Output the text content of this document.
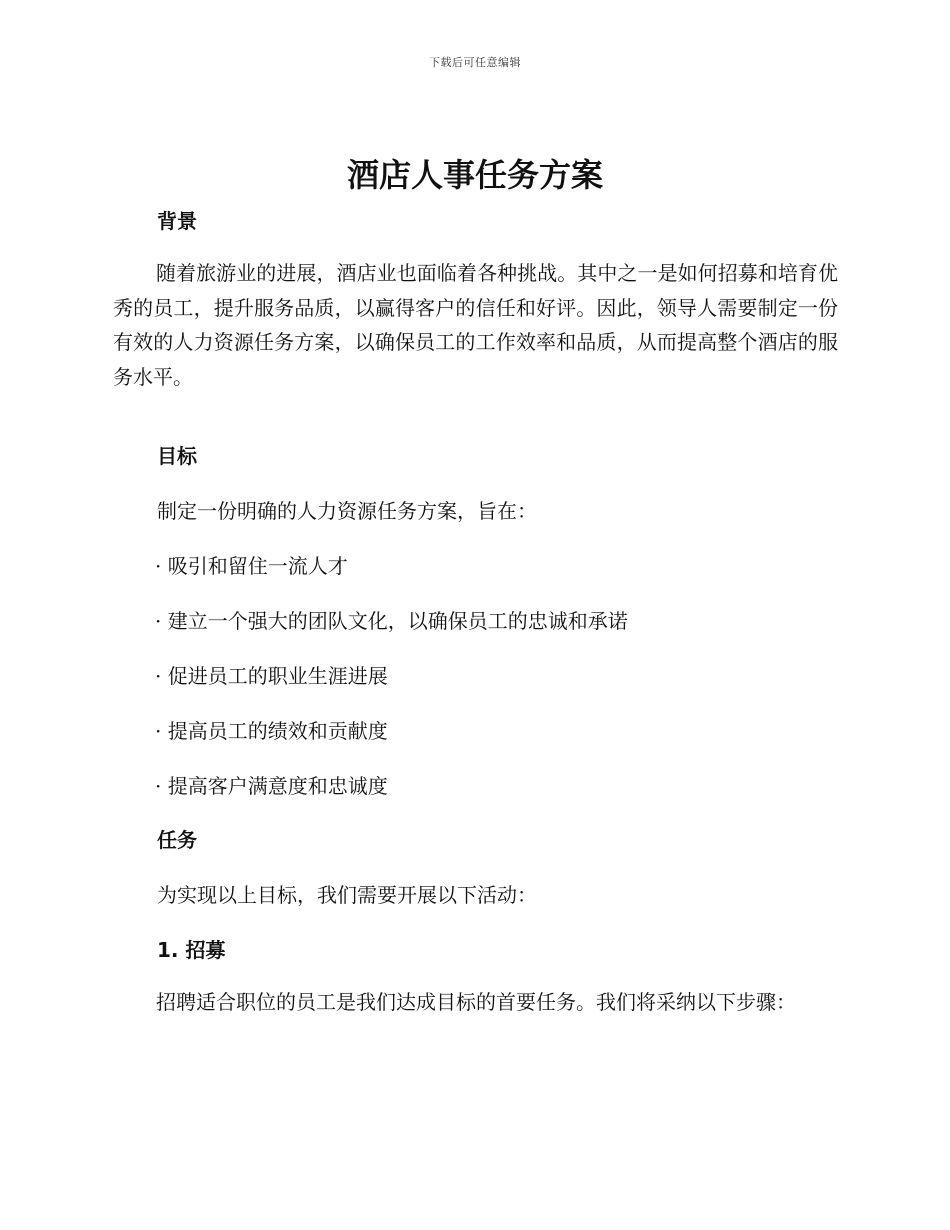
下载后可任意编辑
酒店人事任务方案
背景
随着旅游业的进展，酒店业也面临着各种挑战。其中之一是如何招募和培育优秀的员工，提升服务品质，以赢得客户的信任和好评。因此，领导人需要制定一份有效的人力资源任务方案，以确保员工的工作效率和品质，从而提高整个酒店的服务水平。
目标
制定一份明确的人力资源任务方案，旨在：
· 吸引和留住一流人才
· 建立一个强大的团队文化，以确保员工的忠诚和承诺
· 促进员工的职业生涯进展
· 提高员工的绩效和贡献度
· 提高客户满意度和忠诚度
任务
为实现以上目标，我们需要开展以下活动：
1. 招募
招聘适合职位的员工是我们达成目标的首要任务。我们将采纳以下步骤：
